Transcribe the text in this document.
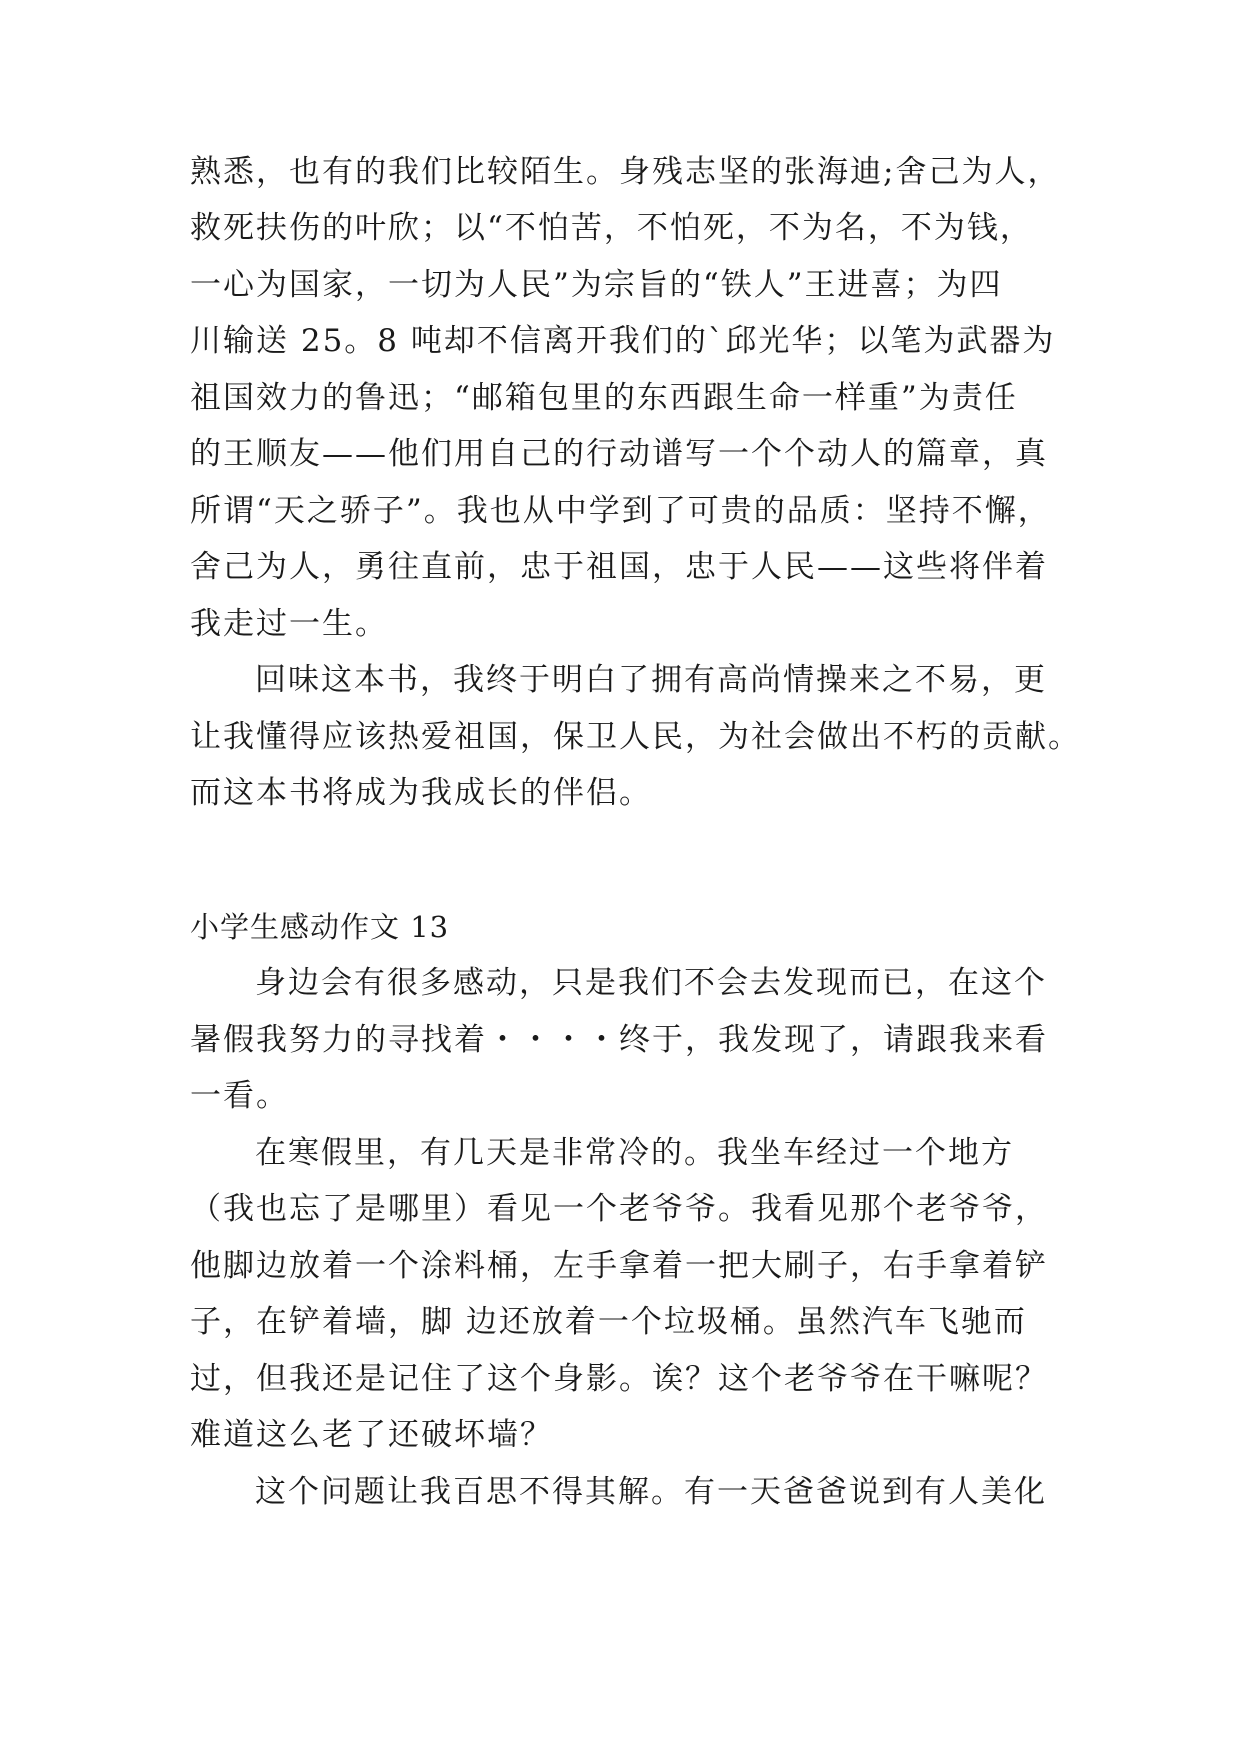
熟悉，也有的我们比较陌生。身残志坚的张海迪;舍己为人，
救死扶伤的叶欣；以“不怕苦，不怕死，不为名，不为钱，
一心为国家，一切为人民”为宗旨的“铁人”王进喜；为四
川输送 25。8 吨却不信离开我们的`邱光华；以笔为武器为
祖国效力的鲁迅；“邮箱包里的东西跟生命一样重”为责任
的王顺友——他们用自己的行动谱写一个个动人的篇章，真
所谓“天之骄子”。我也从中学到了可贵的品质：坚持不懈，
舍己为人，勇往直前，忠于祖国，忠于人民——这些将伴着
我走过一生。
回味这本书，我终于明白了拥有高尚情操来之不易，更
让我懂得应该热爱祖国，保卫人民，为社会做出不朽的贡献。
而这本书将成为我成长的伴侣。
小学生感动作文 13
身边会有很多感动，只是我们不会去发现而已，在这个
暑假我努力的寻找着・・・・终于，我发现了，请跟我来看
一看。
在寒假里，有几天是非常冷的。我坐车经过一个地方
（我也忘了是哪里）看见一个老爷爷。我看见那个老爷爷，
他脚边放着一个涂料桶，左手拿着一把大刷子，右手拿着铲
子，在铲着墙，脚 边还放着一个垃圾桶。虽然汽车飞驰而
过，但我还是记住了这个身影。诶？这个老爷爷在干嘛呢？
难道这么老了还破坏墙？
这个问题让我百思不得其解。有一天爸爸说到有人美化
